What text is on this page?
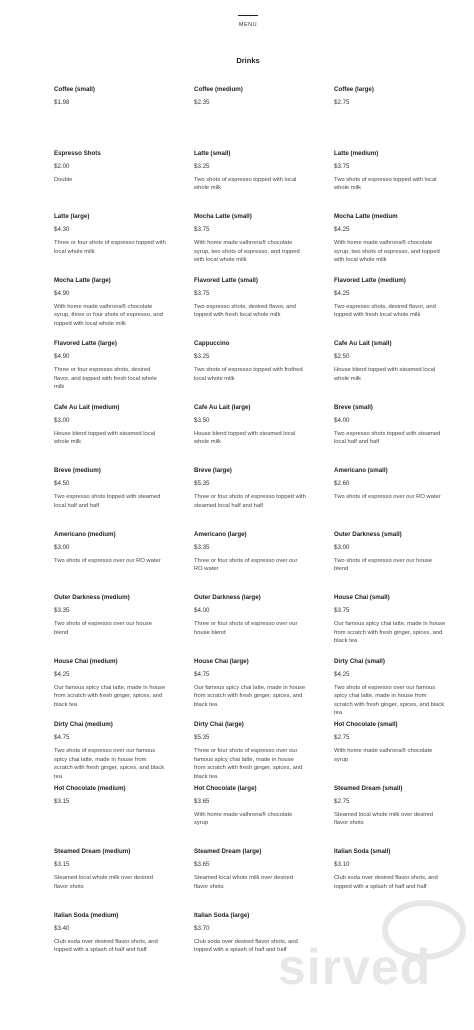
MENU
Drinks
Coffee (small)
$1.98
Coffee (medium)
$2.35
Coffee (large)
$2.75
Espresso Shots
$2.00
Double
Latte (small)
$3.25
Two shots of espresso topped with local whole milk
Latte (medium)
$3.75
Two shots of espresso topped with local whole milk
Latte (large)
$4.30
Three or four shots of espresso topped with local whole milk
Mocha Latte (small)
$3.75
With home made valhrona® chocolate syrup, two shots of espresso, and topped with local whole milk
Mocha Latte (medium
$4.25
With home made valhrona® chocolate syrup, two shots of espresso, and topped with local whole milk
Mocha Latte (large)
$4.90
With home made valhrona® chocolate syrup, three or four shots of espresso, and topped with local whole milk
Flavored Latte (small)
$3.75
Two espresso shots, desired flavor, and topped with fresh local whole milk
Flavored Latte (medium)
$4.25
Two espresso shots, desired flavor, and topped with fresh local whole milk
Flavored Latte (large)
$4.90
Three or four espresso shots, desired flavor, and topped with fresh local whole milk
Cappuccino
$3.25
Two shots of espresso topped with frothed local whole milk
Cafe Au Lait (small)
$2.50
House blend topped with steamed local whole milk
Cafe Au Lait (medium)
$3.00
House blend topped with steamed local whole milk
Cafe Au Lait (large)
$3.50
House blend topped with steamed local whole milk
Breve (small)
$4.00
Two espresso shots topped with steamed local half and half
Breve (medium)
$4.50
Two espresso shots topped with steamed local half and half
Breve (large)
$5.35
Three or four shots of espresso topped with steamed local half and half
Americano (small)
$2.60
Two shots of espresso over our RO water
Americano (medium)
$3.00
Two shots of espresso over our RO water
Americano (large)
$3.35
Three or four shots of espresso over our RO water
Outer Darkness (small)
$3.00
Two shots of espresso over our house blend
Outer Darkness (medium)
$3.35
Two shots of espresso over our house blend
Outer Darkness (large)
$4.00
Three or four shots of espresso over our house blend
House Chai (small)
$3.75
Our famous spicy chai latte, made in house from scratch with fresh ginger, spices, and black tea
House Chai (medium)
$4.25
Our famous spicy chai latte, made in house from scratch with fresh ginger, spices, and black tea
House Chai (large)
$4.75
Our famous spicy chai latte, made in house from scratch with fresh ginger, spices, and black tea
Dirty Chai (small)
$4.25
Two shots of espresso over our famous spicy chai latte, made in house from scratch with fresh ginger, spices, and black tea
Dirty Chai (medium)
$4.75
Two shots of espresso over our famous spicy chai latte, made in house from scratch with fresh ginger, spices, and black tea
Dirty Chai (large)
$5.35
Three or four shots of espresso over our famous spicy chai latte, made in house from scratch with fresh ginger, spices, and black tea
Hot Chocolate (small)
$2.75
With home made valhrona® chocolate syrup
Hot Chocolate (medium)
$3.15
Hot Chocolate (large)
$3.65
With home made valhrona® chocolate syrup
Steamed Dream (small)
$2.75
Steamed local whole milk over desired flavor shots
Steamed Dream (medium)
$3.15
Steamed local whole milk over desired flavor shots
Steamed Dream (large)
$3.65
Steamed local whole milk over desired flavor shots
Italian Soda (small)
$3.10
Club soda over desired flavor shots, and topped with a splash of half and half
Italian Soda (medium)
$3.40
Club soda over desired flavor shots, and topped with a splash of half and half
Italian Soda (large)
$3.70
Club soda over desired flavor shots, and topped with a splash of half and half
sirved
